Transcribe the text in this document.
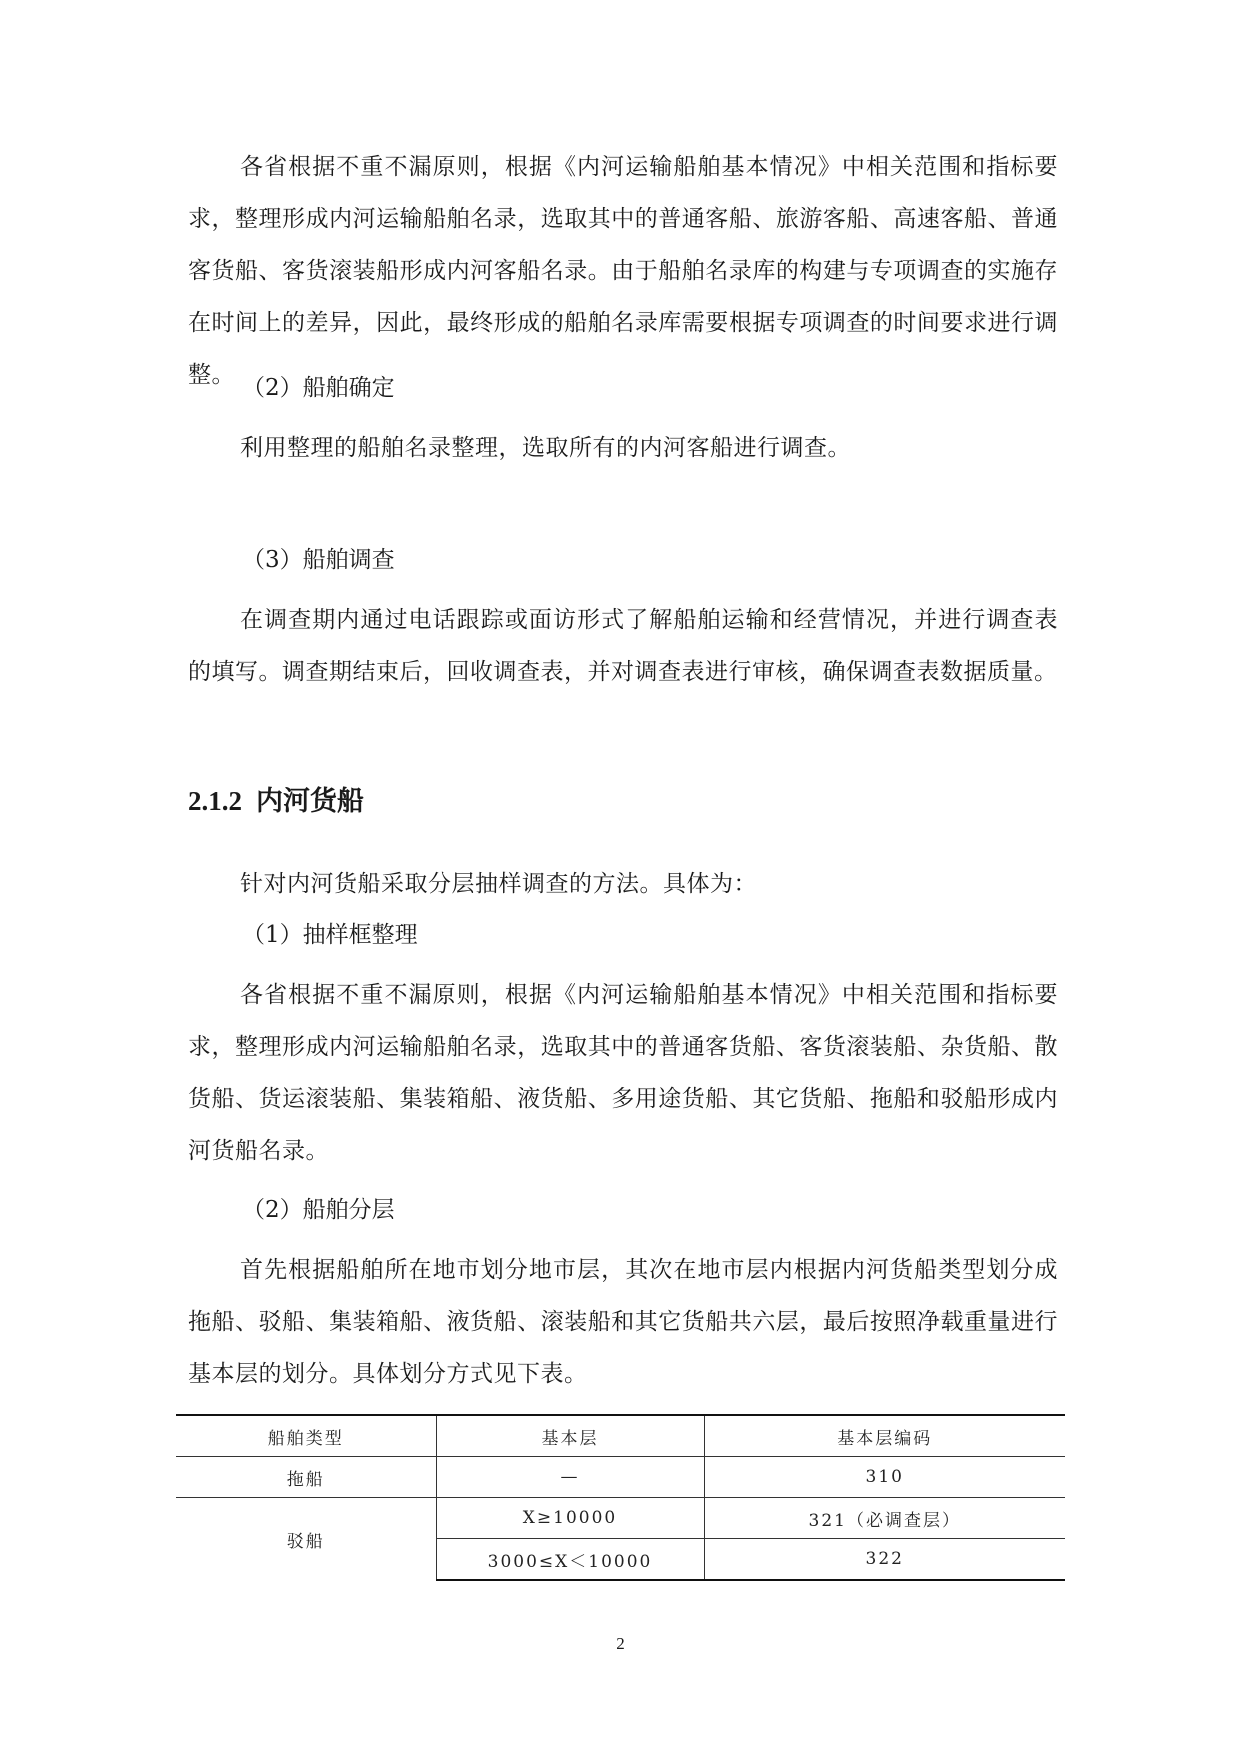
各省根据不重不漏原则，根据《内河运输船舶基本情况》中相关范围和指标要求，整理形成内河运输船舶名录，选取其中的普通客船、旅游客船、高速客船、普通客货船、客货滚装船形成内河客船名录。由于船舶名录库的构建与专项调查的实施存在时间上的差异，因此，最终形成的船舶名录库需要根据专项调查的时间要求进行调整。 （2）船舶确定

利用整理的船舶名录整理，选取所有的内河客船进行调查。

（3）船舶调查

在调查期内通过电话跟踪或面访形式了解船舶运输和经营情况，并进行调查表的填写。调查期结束后，回收调查表，并对调查表进行审核，确保调查表数据质量。

2.1.2 内河货船

针对内河货船采取分层抽样调查的方法。具体为：

（1）抽样框整理

各省根据不重不漏原则，根据《内河运输船舶基本情况》中相关范围和指标要求，整理形成内河运输船舶名录，选取其中的普通客货船、客货滚装船、杂货船、散货船、货运滚装船、集装箱船、液货船、多用途货船、其它货船、拖船和驳船形成内河货船名录。

（2）船舶分层

首先根据船舶所在地市划分地市层，其次在地市层内根据内河货船类型划分成拖船、驳船、集装箱船、液货船、滚装船和其它货船共六层，最后按照净载重量进行基本层的划分。具体划分方式见下表。

船舶类型	基本层	基本层编码
拖船	—	310
驳船	X≥10000	321（必调查层）
	3000≤X＜10000	322
2
